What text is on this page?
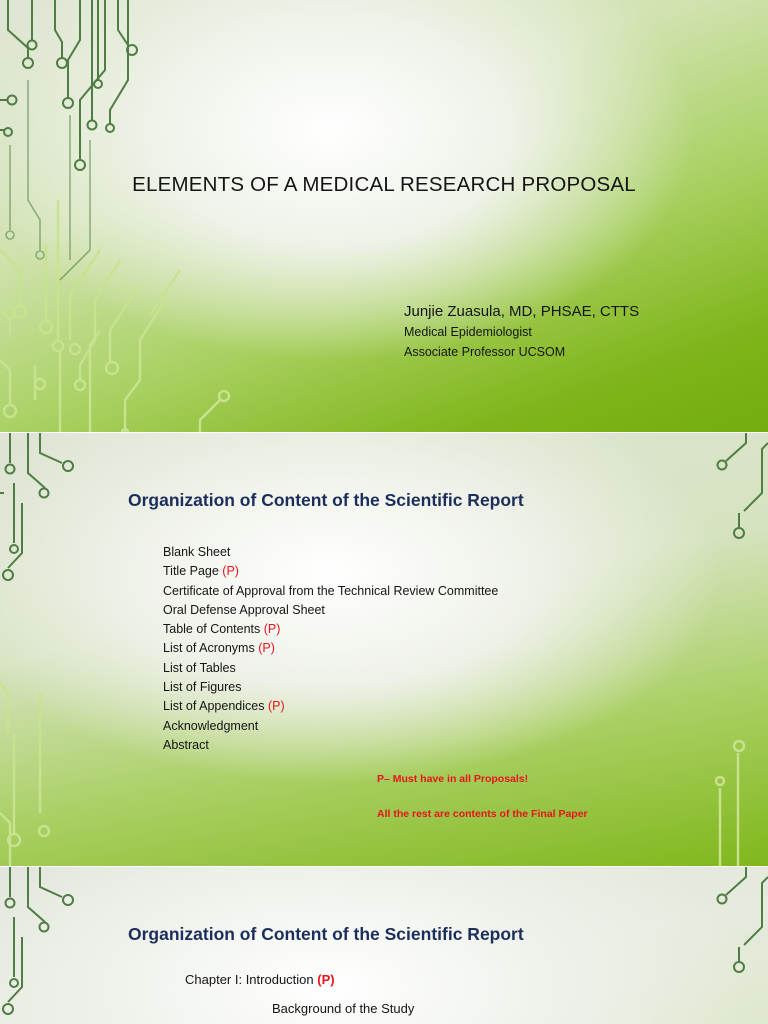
ELEMENTS OF A MEDICAL RESEARCH PROPOSAL
Junjie Zuasula, MD, PHSAE, CTTS
Medical Epidemiologist
Associate Professor UCSOM
Organization of Content of the Scientific Report
Blank Sheet
Title Page (P)
Certificate of Approval from the Technical Review Committee
Oral Defense Approval Sheet
Table of Contents (P)
List of Acronyms (P)
List of Tables
List of Figures
List of Appendices (P)
Acknowledgment
Abstract
P– Must have in all Proposals!
All the rest are contents of the Final Paper
Organization of Content of the Scientific Report
Chapter I: Introduction (P)
Background of the Study
